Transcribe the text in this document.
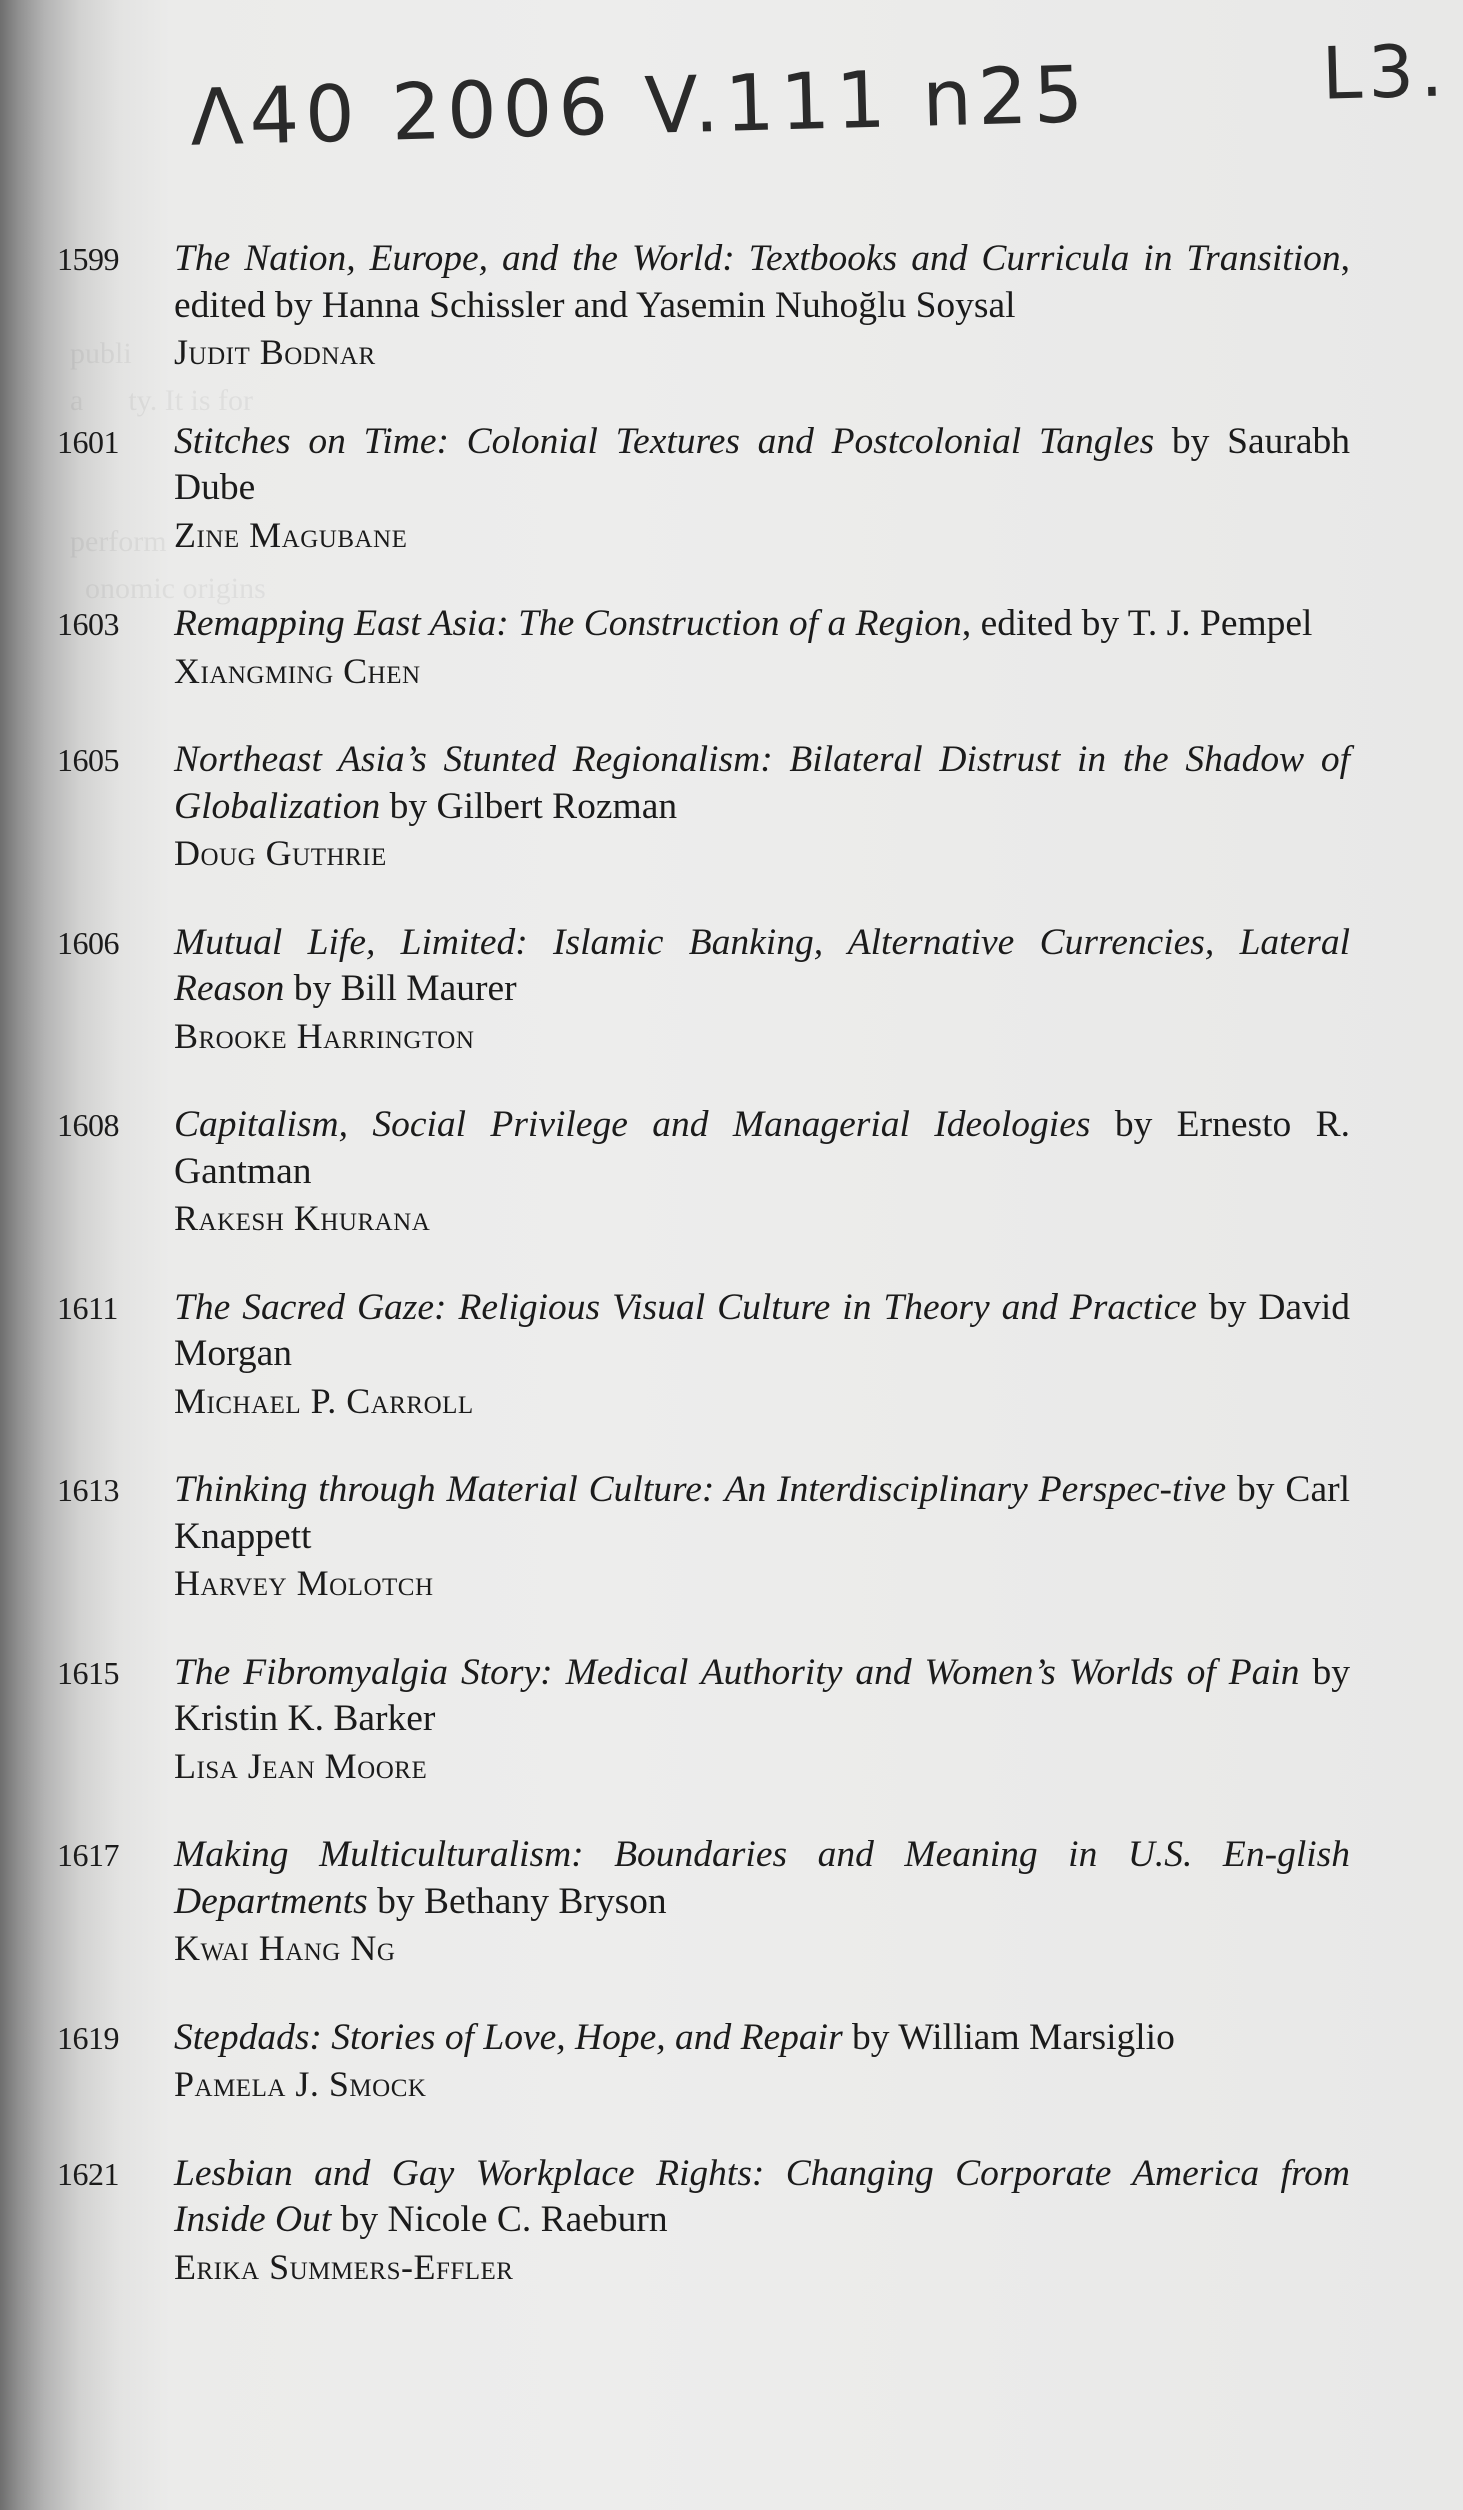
publi
a      ty. It is for

perform
onomic origins

Λ40 2006 V.111 n25	L3.
1599	The Nation, Europe, and the World: Textbooks and Curricula in Transition, edited by Hanna Schissler and Yasemin Nuhoğlu Soysal
Judit Bodnar
1601	Stitches on Time: Colonial Textures and Postcolonial Tangles by Saurabh Dube
Zine Magubane
1603	Remapping East Asia: The Construction of a Region, edited by T. J. Pempel
Xiangming Chen
1605	Northeast Asia’s Stunted Regionalism: Bilateral Distrust in the Shadow of Globalization by Gilbert Rozman
Doug Guthrie
1606	Mutual Life, Limited: Islamic Banking, Alternative Currencies, Lateral Reason by Bill Maurer
Brooke Harrington
1608	Capitalism, Social Privilege and Managerial Ideologies by Ernesto R. Gantman
Rakesh Khurana
1611	The Sacred Gaze: Religious Visual Culture in Theory and Practice by David Morgan
Michael P. Carroll
1613	Thinking through Material Culture: An Interdisciplinary Perspec-tive by Carl Knappett
Harvey Molotch
1615	The Fibromyalgia Story: Medical Authority and Women’s Worlds of Pain by Kristin K. Barker
Lisa Jean Moore
1617	Making Multiculturalism: Boundaries and Meaning in U.S. En-glish Departments by Bethany Bryson
Kwai Hang Ng
1619	Stepdads: Stories of Love, Hope, and Repair by William Marsiglio
Pamela J. Smock
1621	Lesbian and Gay Workplace Rights: Changing Corporate America from Inside Out by Nicole C. Raeburn
Erika Summers-Effler
